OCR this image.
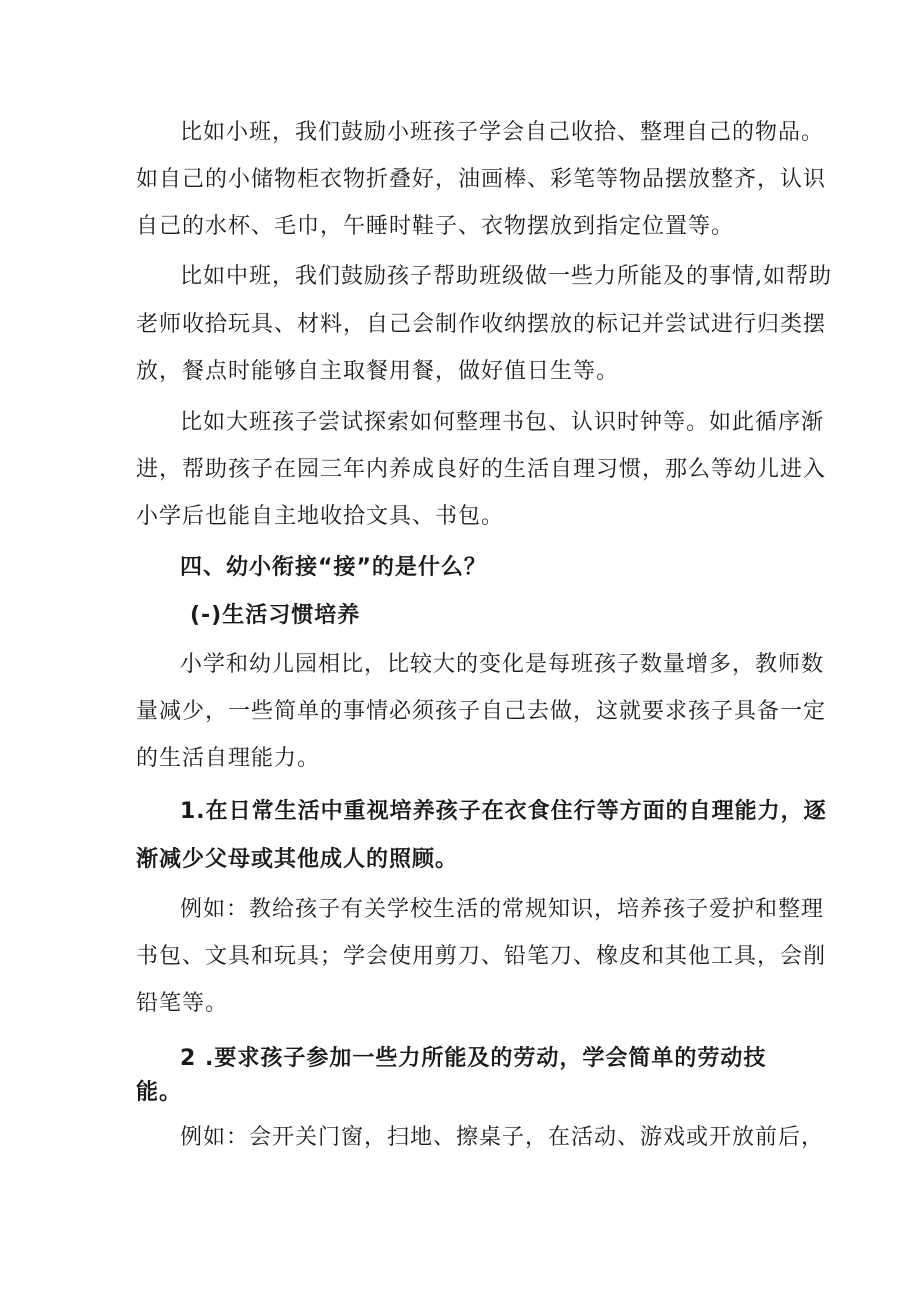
比如小班，我们鼓励小班孩子学会自己收拾、整理自己的物品。

如自己的小储物柜衣物折叠好，油画棒、彩笔等物品摆放整齐，认识

自己的水杯、毛巾，午睡时鞋子、衣物摆放到指定位置等。

比如中班，我们鼓励孩子帮助班级做一些力所能及的事情,如帮助

老师收拾玩具、材料，自己会制作收纳摆放的标记并尝试进行归类摆

放，餐点时能够自主取餐用餐，做好值日生等。

比如大班孩子尝试探索如何整理书包、认识时钟等。如此循序渐

进，帮助孩子在园三年内养成良好的生活自理习惯，那么等幼儿进入

小学后也能自主地收拾文具、书包。

四、幼小衔接“接”的是什么？

(-)生活习惯培养

小学和幼儿园相比，比较大的变化是每班孩子数量增多，教师数

量减少，一些简单的事情必须孩子自己去做，这就要求孩子具备一定

的生活自理能力。

1.在日常生活中重视培养孩子在衣食住行等方面的自理能力，逐

渐减少父母或其他成人的照顾。

例如：教给孩子有关学校生活的常规知识，培养孩子爱护和整理

书包、文具和玩具；学会使用剪刀、铅笔刀、橡皮和其他工具，会削

铅笔等。

2 .要求孩子参加一些力所能及的劳动，学会简单的劳动技

能。

例如：会开关门窗，扫地、擦桌子，在活动、游戏或开放前后，
